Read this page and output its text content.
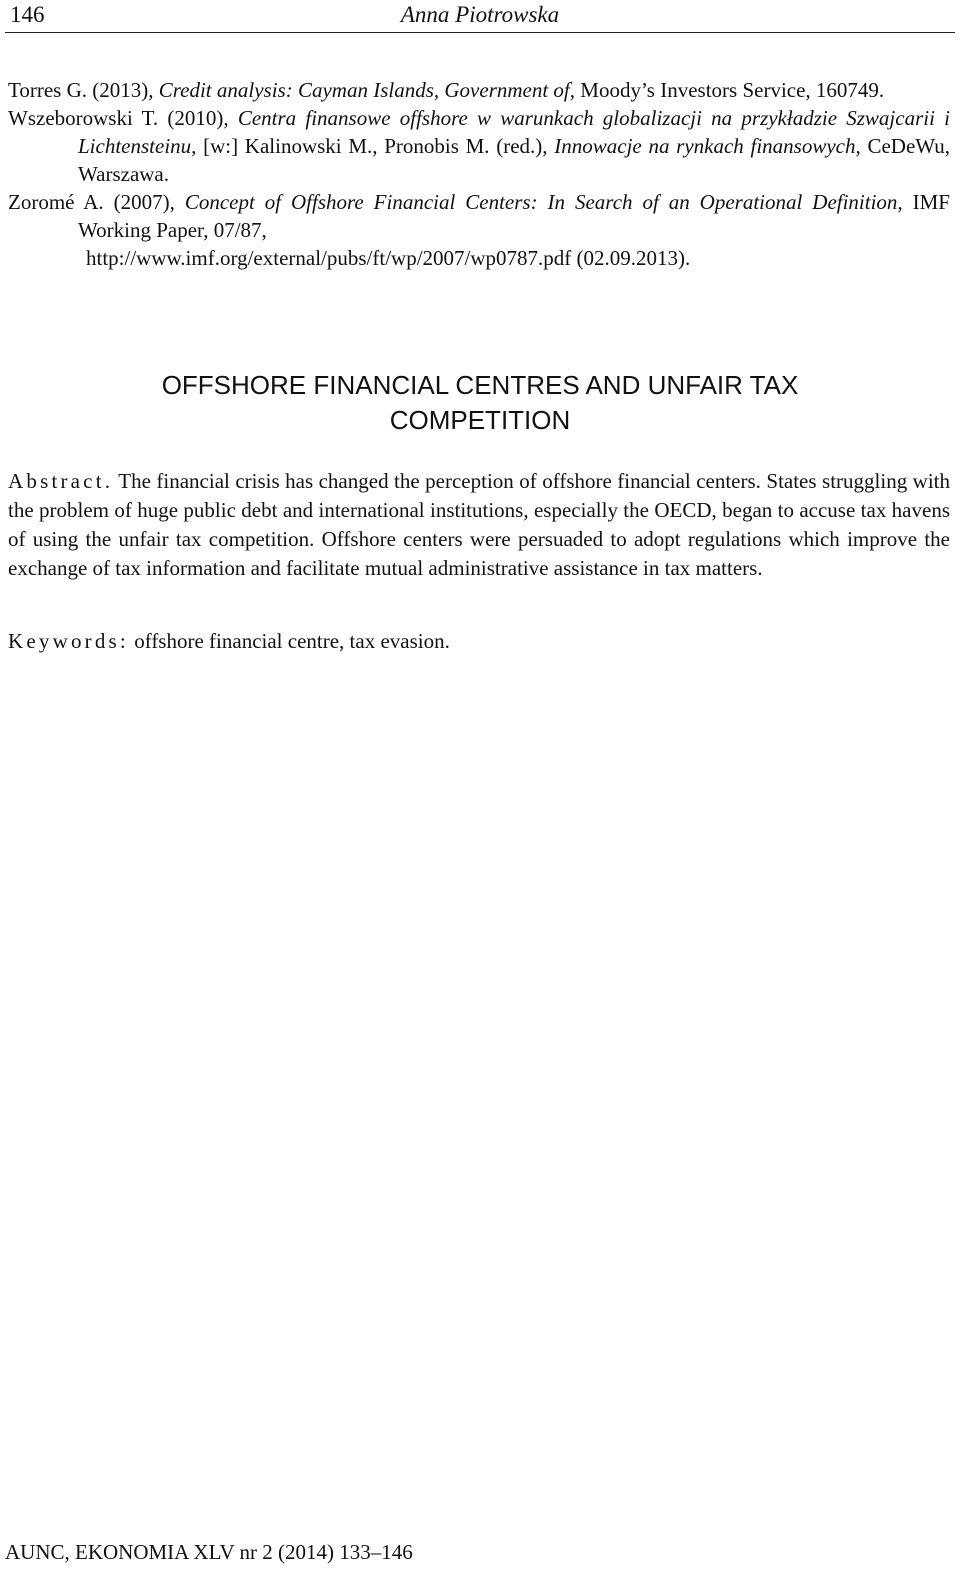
146	Anna Piotrowska

Torres G. (2013), Credit analysis: Cayman Islands, Government of, Moody’s Investors Service, 160749.

Wszeborowski T. (2010), Centra finansowe offshore w warunkach globalizacji na przykładzie Szwajcarii i Lichtensteinu, [w:] Kalinowski M., Pronobis M. (red.), Innowacje na rynkach finansowych, CeDeWu, Warszawa.

Zoromé A. (2007), Concept of Offshore Financial Centers: In Search of an Operational Definition, IMF Working Paper, 07/87,
http://www.imf.org/external/pubs/ft/wp/2007/wp0787.pdf (02.09.2013).

OFFSHORE FINANCIAL CENTRES AND UNFAIR TAX
COMPETITION

Abstract. The financial crisis has changed the perception of offshore financial centers. States struggling with the problem of huge public debt and international institutions, especially the OECD, began to accuse tax havens of using the unfair tax competition. Offshore centers were persuaded to adopt regulations which improve the exchange of tax information and facilitate mutual administrative assistance in tax matters.

Keywords: offshore financial centre, tax evasion.

AUNC, EKONOMIA XLV nr 2 (2014) 133–146
